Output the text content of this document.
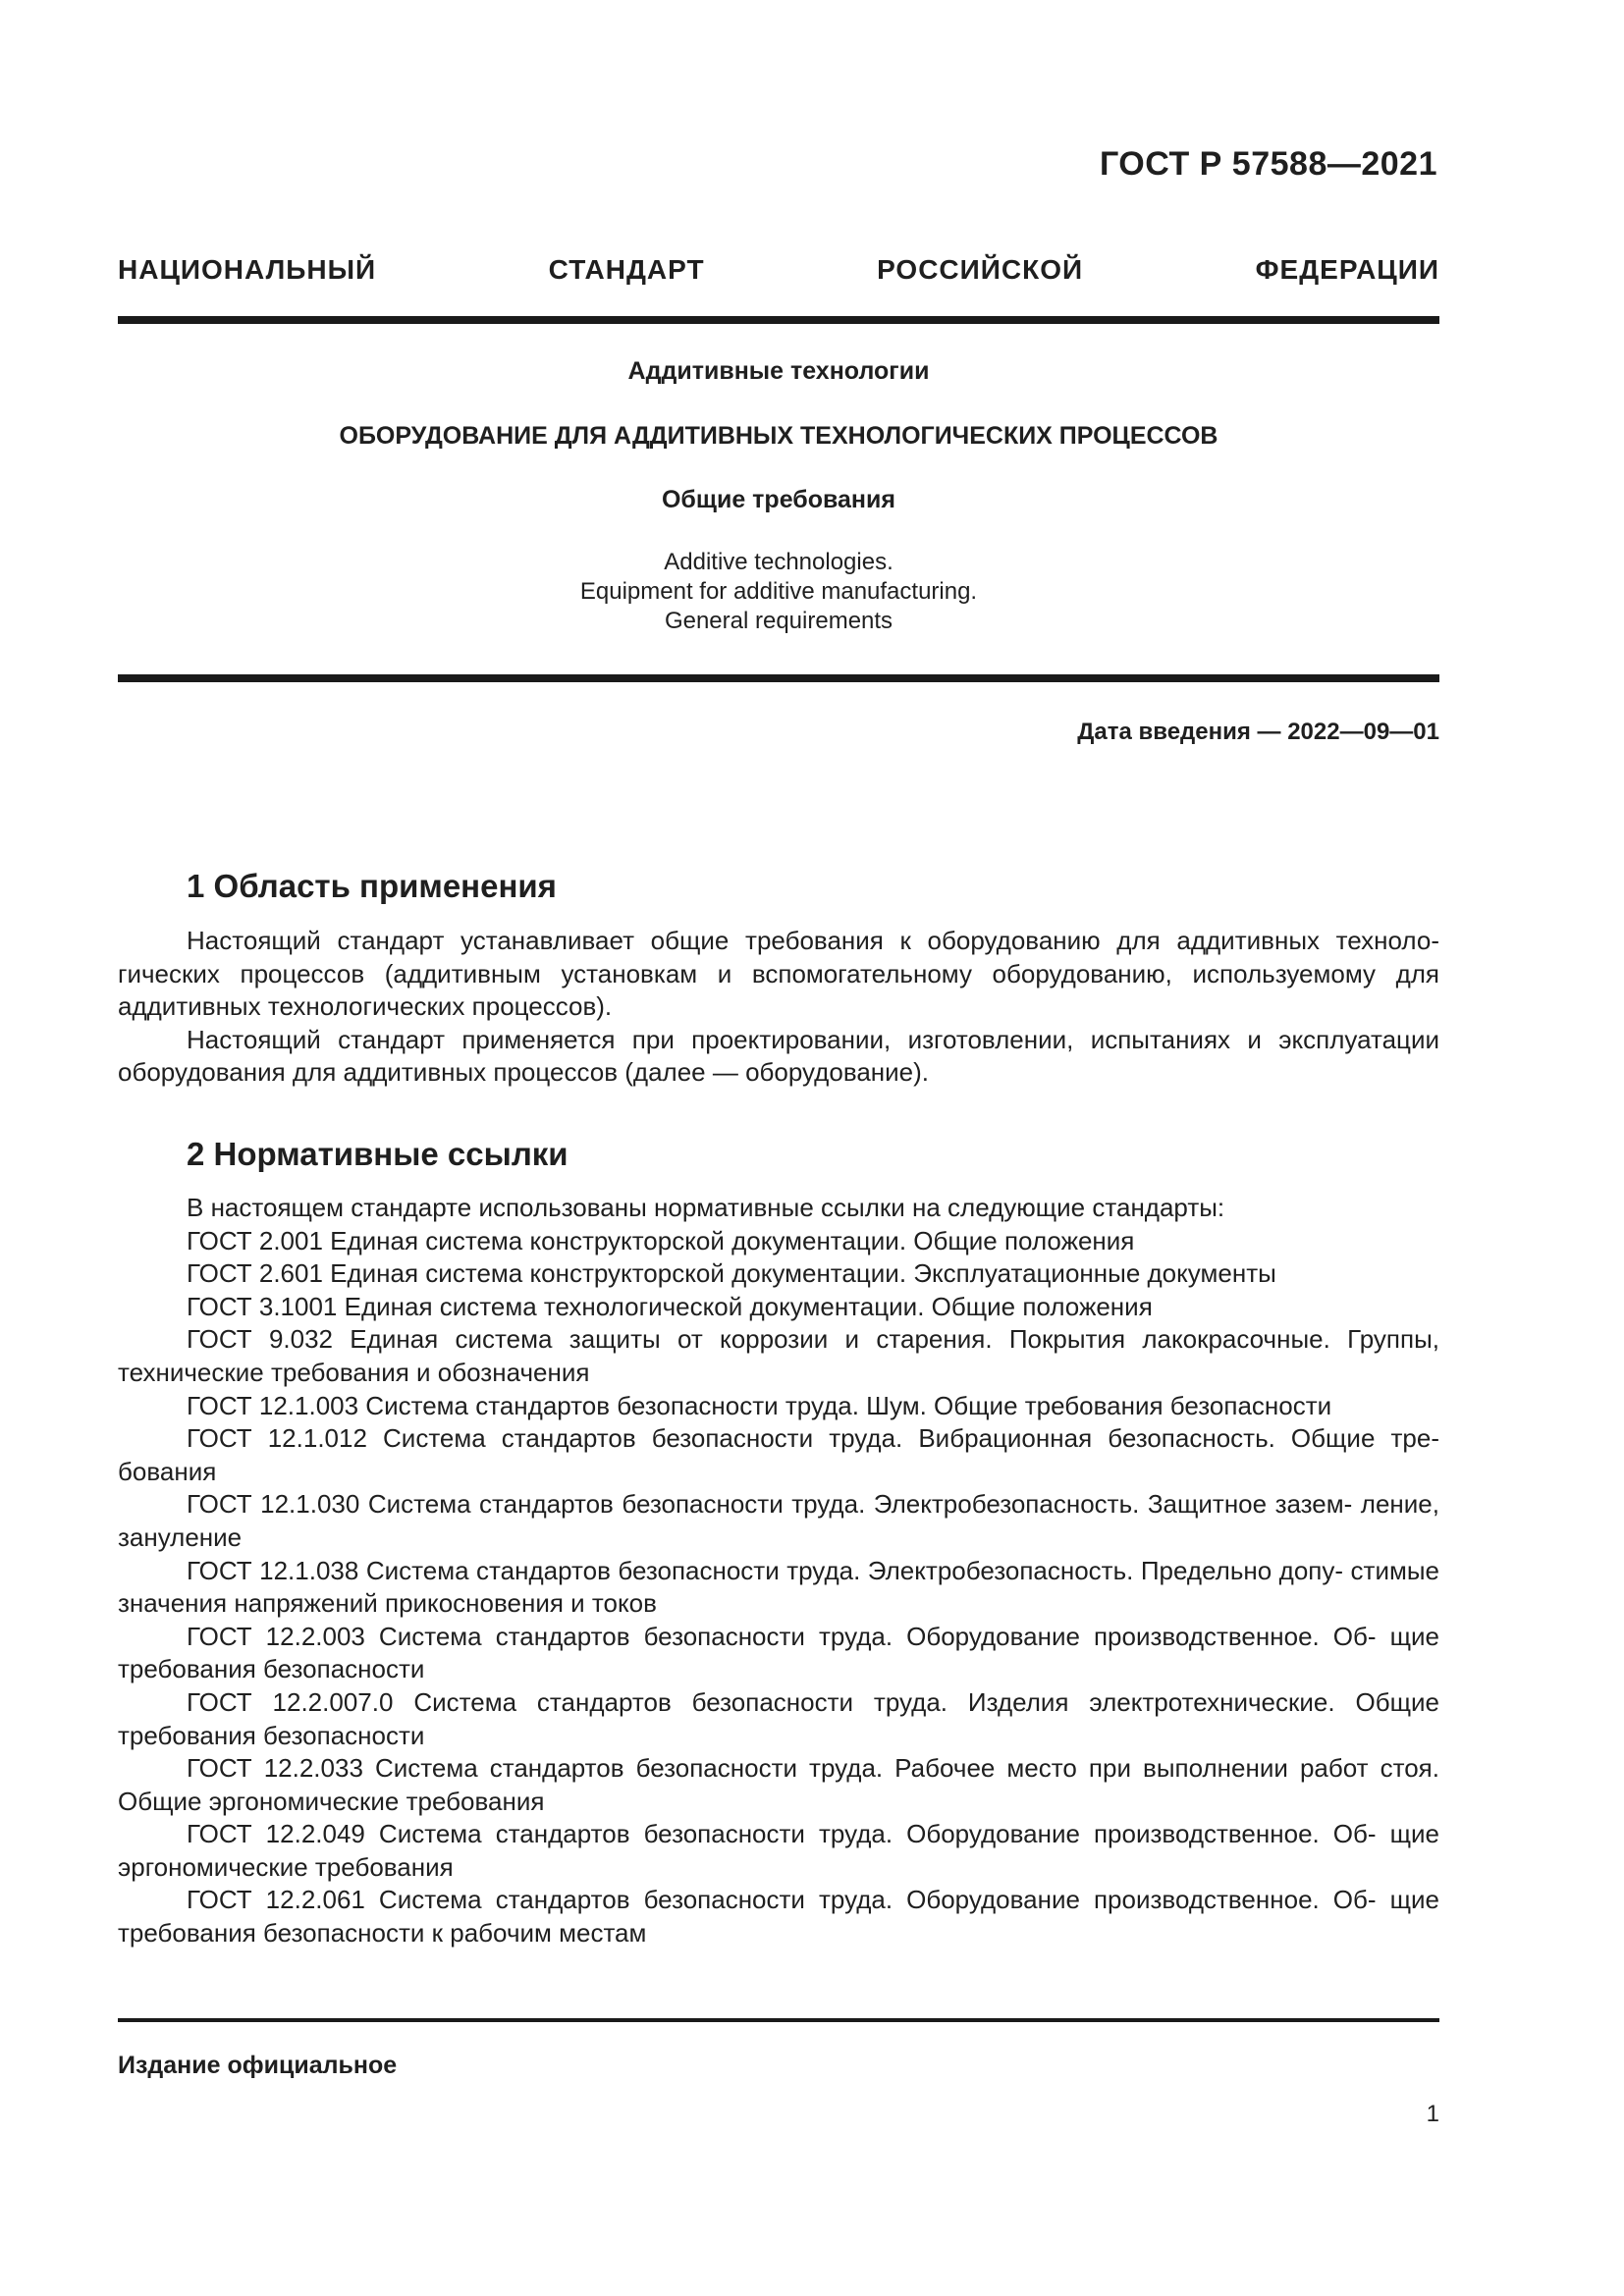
ГОСТ Р 57588—2021
НАЦИОНАЛЬНЫЙ СТАНДАРТ РОССИЙСКОЙ ФЕДЕРАЦИИ
Аддитивные технологии
ОБОРУДОВАНИЕ ДЛЯ АДДИТИВНЫХ ТЕХНОЛОГИЧЕСКИХ ПРОЦЕССОВ
Общие требования
Additive technologies.
Equipment for additive manufacturing.
General requirements
Дата введения — 2022—09—01
1 Область применения

Настоящий стандарт устанавливает общие требования к оборудованию для аддитивных техноло- гических процессов (аддитивным установкам и вспомогательному оборудованию, используемому для аддитивных технологических процессов).

Настоящий стандарт применяется при проектировании, изготовлении, испытаниях и эксплуатации оборудования для аддитивных процессов (далее — оборудование).

2 Нормативные ссылки

В настоящем стандарте использованы нормативные ссылки на следующие стандарты:

ГОСТ 2.001 Единая система конструкторской документации. Общие положения

ГОСТ 2.601 Единая система конструкторской документации. Эксплуатационные документы

ГОСТ 3.1001 Единая система технологической документации. Общие положения

ГОСТ 9.032 Единая система защиты от коррозии и старения. Покрытия лакокрасочные. Группы, технические требования и обозначения

ГОСТ 12.1.003 Система стандартов безопасности труда. Шум. Общие требования безопасности

ГОСТ 12.1.012 Система стандартов безопасности труда. Вибрационная безопасность. Общие тре- бования

ГОСТ 12.1.030 Система стандартов безопасности труда. Электробезопасность. Защитное зазем- ление, зануление

ГОСТ 12.1.038 Система стандартов безопасности труда. Электробезопасность. Предельно допу- стимые значения напряжений прикосновения и токов

ГОСТ 12.2.003 Система стандартов безопасности труда. Оборудование производственное. Об- щие требования безопасности

ГОСТ 12.2.007.0 Система стандартов безопасности труда. Изделия электротехнические. Общие требования безопасности

ГОСТ 12.2.033 Система стандартов безопасности труда. Рабочее место при выполнении работ стоя. Общие эргономические требования

ГОСТ 12.2.049 Система стандартов безопасности труда. Оборудование производственное. Об- щие эргономические требования

ГОСТ 12.2.061 Система стандартов безопасности труда. Оборудование производственное. Об- щие требования безопасности к рабочим местам

Издание официальное
1
